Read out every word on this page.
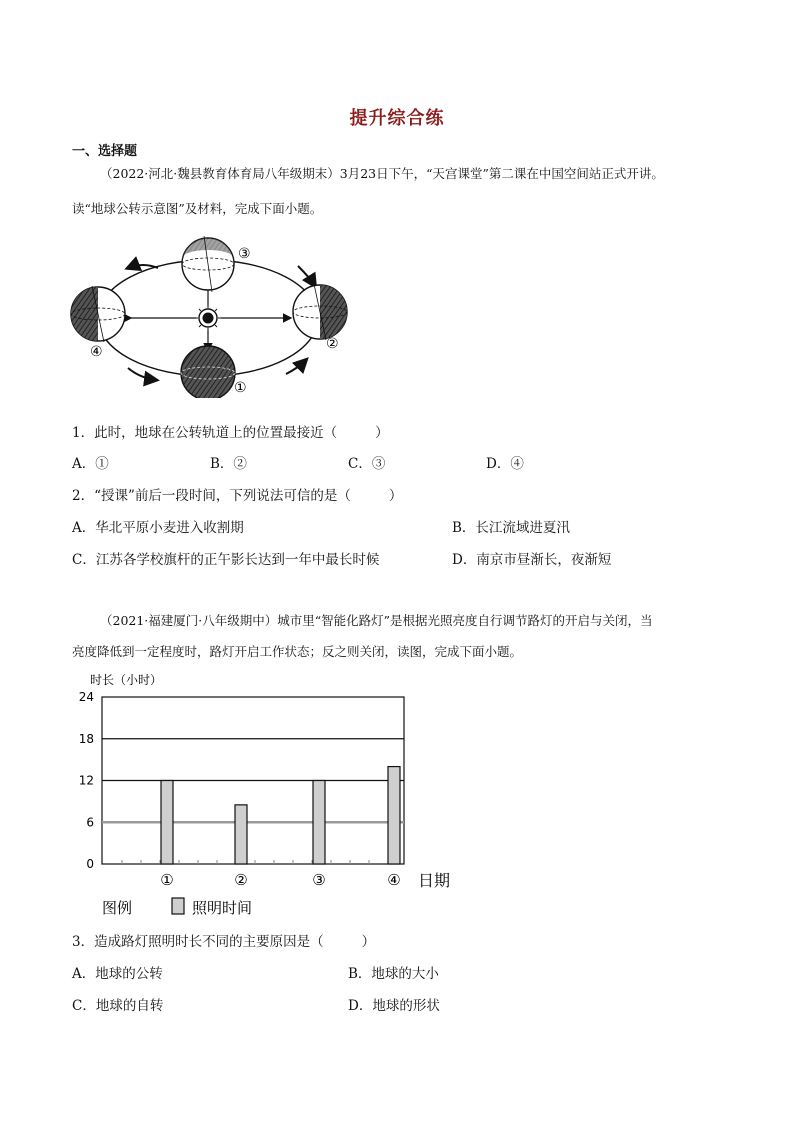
提升综合练
一、选择题
（2022·河北·魏县教育体育局八年级期末）3月23日下午，“天宫课堂”第二课在中国空间站正式开讲。
读“地球公转示意图”及材料，完成下面小题。
③
②
④
①
1．此时，地球在公转轨道上的位置最接近（	）
A．①	B．②	C．③	D．④
2．“授课”前后一段时间，下列说法可信的是（	）
A．华北平原小麦进入收割期	B．长江流域进夏汛
C．江苏各学校旗杆的正午影长达到一年中最长时候	D．南京市昼渐长，夜渐短
（2021·福建厦门·八年级期中）城市里“智能化路灯”是根据光照亮度自行调节路灯的开启与关闭，当
亮度降低到一定程度时，路灯开启工作状态；反之则关闭，读图，完成下面小题。
时长（小时）
0
6
12
18
24
①	②	③	④ 日期
图例	照明时间
3．造成路灯照明时长不同的主要原因是（	）
A．地球的公转	B．地球的大小
C．地球的自转	D．地球的形状
